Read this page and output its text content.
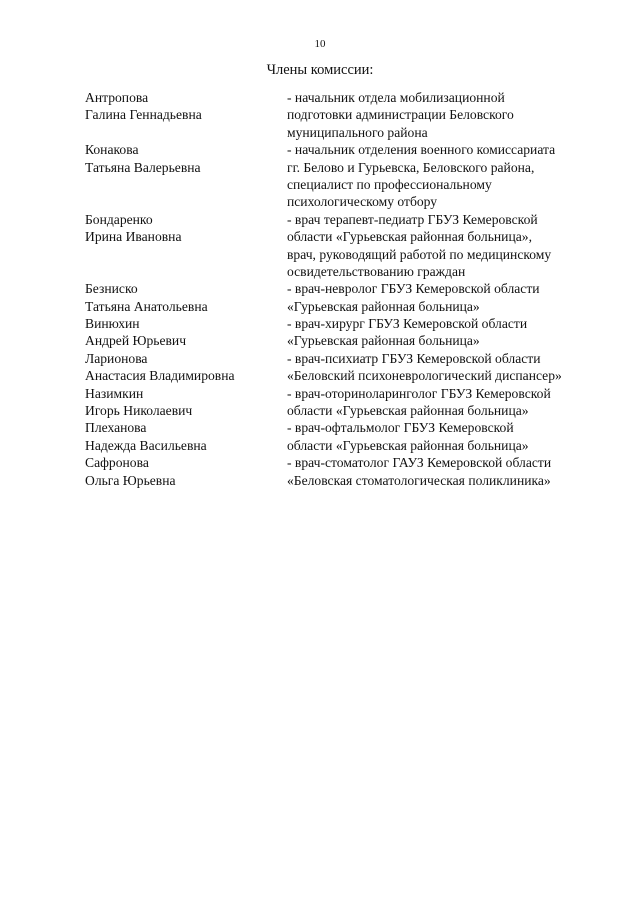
10
Члены комиссии:
Антропова
Галина Геннадьевна
- начальник отдела мобилизационной
подготовки администрации Беловского
муниципального района
Конакова
Татьяна Валерьевна
- начальник отделения военного комиссариата
гг. Белово и Гурьевска, Беловского района,
специалист по профессиональному
психологическому отбору
Бондаренко
Ирина Ивановна
- врач терапевт-педиатр ГБУЗ Кемеровской
области «Гурьевская районная больница»,
врач, руководящий работой по медицинскому
освидетельствованию граждан
Безниско
Татьяна Анатольевна
- врач-невролог ГБУЗ Кемеровской области
«Гурьевская районная больница»
Винюхин
Андрей Юрьевич
- врач-хирург ГБУЗ Кемеровской области
«Гурьевская районная больница»
Ларионова
Анастасия Владимировна
- врач-психиатр ГБУЗ Кемеровской области
«Беловский психоневрологический диспансер»
Назимкин
Игорь Николаевич
- врач-оториноларинголог ГБУЗ Кемеровской
области «Гурьевская районная больница»
Плеханова
Надежда Васильевна
- врач-офтальмолог ГБУЗ Кемеровской
области «Гурьевская районная больница»
Сафронова
Ольга Юрьевна
- врач-стоматолог ГАУЗ Кемеровской области
«Беловская стоматологическая поликлиника»
